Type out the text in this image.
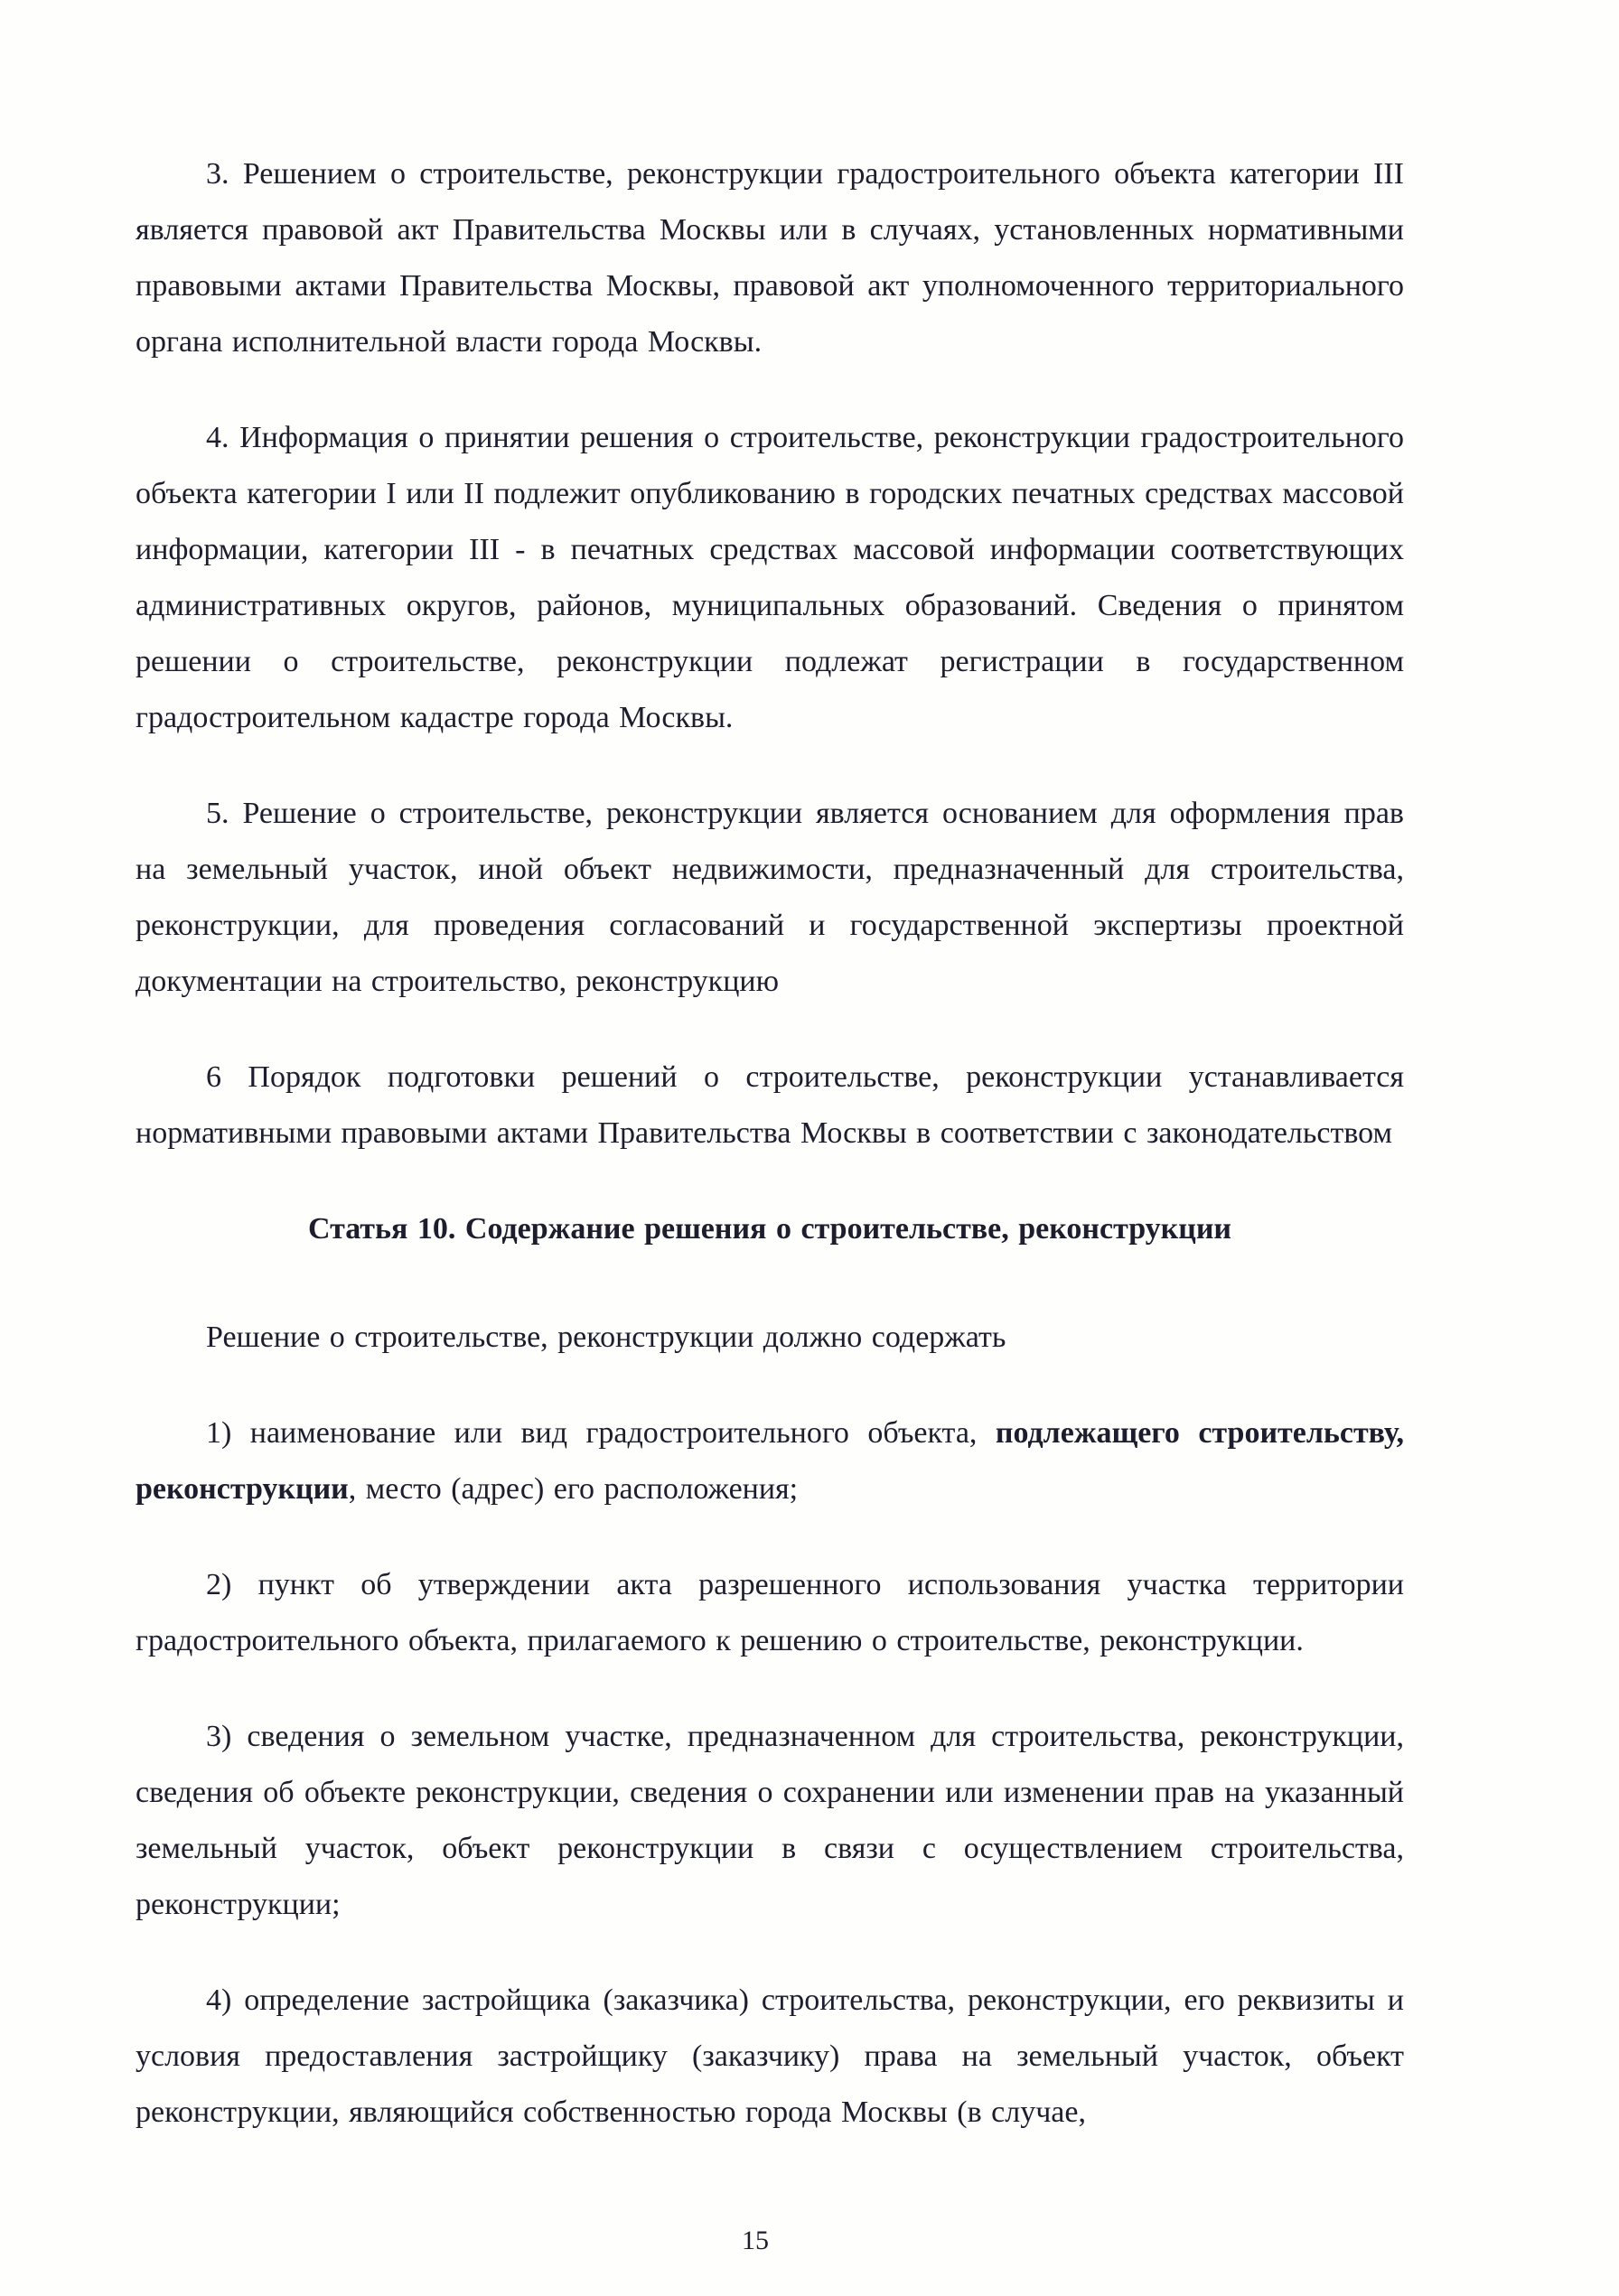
3. Решением о строительстве, реконструкции градостроительного объекта категории III является правовой акт Правительства Москвы или в случаях, установленных нормативными правовыми актами Правительства Москвы, правовой акт уполномоченного территориального органа исполнительной власти города Москвы.

4. Информация о принятии решения о строительстве, реконструкции градостроительного объекта категории I или II подлежит опубликованию в городских печатных средствах массовой информации, категории III - в печатных средствах массовой информации соответствующих административных округов, районов, муниципальных образований. Сведения о принятом решении о строительстве, реконструкции подлежат регистрации в государственном градостроительном кадастре города Москвы.

5. Решение о строительстве, реконструкции является основанием для оформления прав на земельный участок, иной объект недвижимости, предназначенный для строительства, реконструкции, для проведения согласований и государственной экспертизы проектной документации на строительство, реконструкцию

6 Порядок подготовки решений о строительстве, реконструкции устанавливается нормативными правовыми актами Правительства Москвы в соответствии с законодательством

Статья 10. Содержание решения о строительстве, реконструкции

Решение о строительстве, реконструкции должно содержать

1) наименование или вид градостроительного объекта, подлежащего строительству, реконструкции, место (адрес) его расположения;

2) пункт об утверждении акта разрешенного использования участка территории градостроительного объекта, прилагаемого к решению о строительстве, реконструкции.

3) сведения о земельном участке, предназначенном для строительства, реконструкции, сведения об объекте реконструкции, сведения о сохранении или изменении прав на указанный земельный участок, объект реконструкции в связи с осуществлением строительства, реконструкции;

4) определение застройщика (заказчика) строительства, реконструкции, его реквизиты и условия предоставления застройщику (заказчику) права на земельный участок, объект реконструкции, являющийся собственностью города Москвы (в случае,

15
